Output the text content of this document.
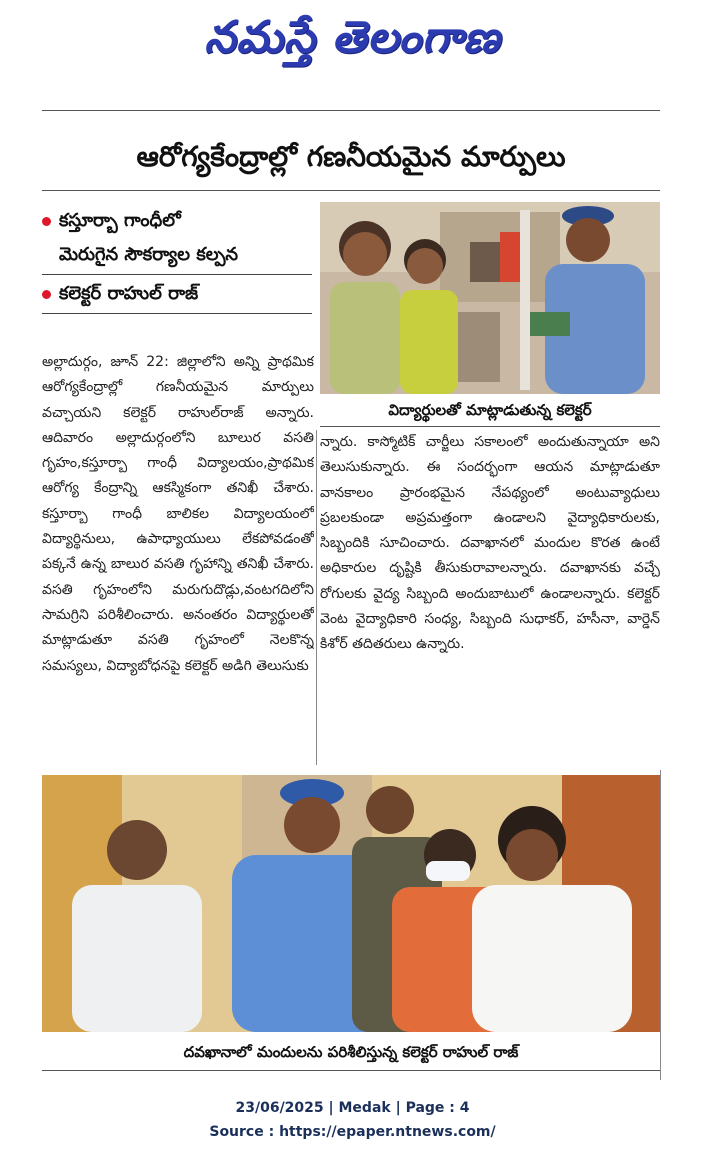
నమస్తే తెలంగాణ
ఆరోగ్యకేంద్రాల్లో గణనీయమైన మార్పులు
కస్తూర్బా గాంధీలో
మెరుగైన సౌకర్యాల కల్పన
కలెక్టర్ రాహుల్ రాజ్
విద్యార్థులతో మాట్లాడుతున్న కలెక్టర్

అల్లాదుర్గం, జూన్ 22: జిల్లాలోని అన్ని ప్రాథమిక ఆరోగ్యకేంద్రాల్లో గణనీయమైన మార్పులు వచ్చాయని కలెక్టర్ రాహుల్‌రాజ్ అన్నారు. ఆదివారం అల్లాదుర్గంలోని బూలుర వసతి గృహం,కస్తూర్బా గాంధీ విద్యాలయం,ప్రాథమిక ఆరోగ్య కేంద్రాన్ని ఆకస్మికంగా తనిఖీ చేశారు. కస్తూర్బా గాంధీ బాలికల విద్యాలయంలో విద్యార్థినులు, ఉపాధ్యాయులు లేకపోవడంతో పక్కనే ఉన్న బాలుర వసతి గృహాన్ని తనిఖీ చేశారు. వసతి గృహంలోని మరుగుదొడ్లు,వంటగదిలోని సామగ్రిని పరిశీలించారు. అనంతరం విద్యార్థులతో మాట్లాడుతూ వసతి గృహంలో నెలకొన్న సమస్యలు, విద్యాబోధనపై కలెక్టర్ అడిగి తెలుసుకు

న్నారు. కాస్మోటిక్ చార్జీలు సకాలంలో అందుతున్నాయా అని తెలుసుకున్నారు. ఈ సందర్భంగా ఆయన మాట్లాడుతూ వానకాలం ప్రారంభమైన నేపథ్యంలో అంటువ్యాధులు ప్రబలకుండా అప్రమత్తంగా ఉండాలని వైద్యాధికారులకు, సిబ్బందికి సూచించారు. దవాఖానలో మందుల కొరత ఉంటే అధికారుల దృష్టికి తీసుకురావాలన్నారు. దవాఖానకు వచ్చే రోగులకు వైద్య సిబ్బంది అందుబాటులో ఉండాలన్నారు. కలెక్టర్ వెంట వైద్యాధికారి సంధ్య, సిబ్బంది సుధాకర్, హసీనా, వార్డెన్ కిశోర్ తదితరులు ఉన్నారు.

దవఖానాలో మందులను పరిశీలిస్తున్న కలెక్టర్ రాహుల్ రాజ్
23/06/2025 | Medak | Page : 4
Source : https://epaper.ntnews.com/
